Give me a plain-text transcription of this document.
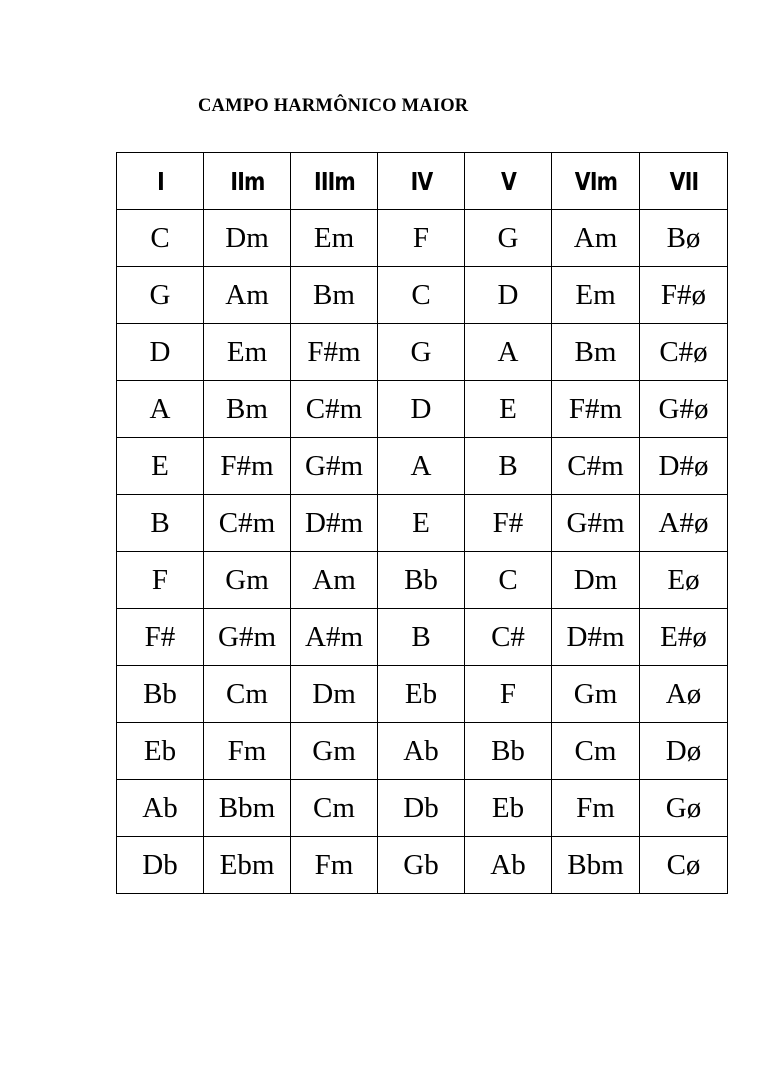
CAMPO HARMÔNICO MAIOR
I	IIm	IIIm	IV	V	VIm	VII
C	Dm	Em	F	G	Am	Bø
G	Am	Bm	C	D	Em	F#ø
D	Em	F#m	G	A	Bm	C#ø
A	Bm	C#m	D	E	F#m	G#ø
E	F#m	G#m	A	B	C#m	D#ø
B	C#m	D#m	E	F#	G#m	A#ø
F	Gm	Am	Bb	C	Dm	Eø
F#	G#m	A#m	B	C#	D#m	E#ø
Bb	Cm	Dm	Eb	F	Gm	Aø
Eb	Fm	Gm	Ab	Bb	Cm	Dø
Ab	Bbm	Cm	Db	Eb	Fm	Gø
Db	Ebm	Fm	Gb	Ab	Bbm	Cø
